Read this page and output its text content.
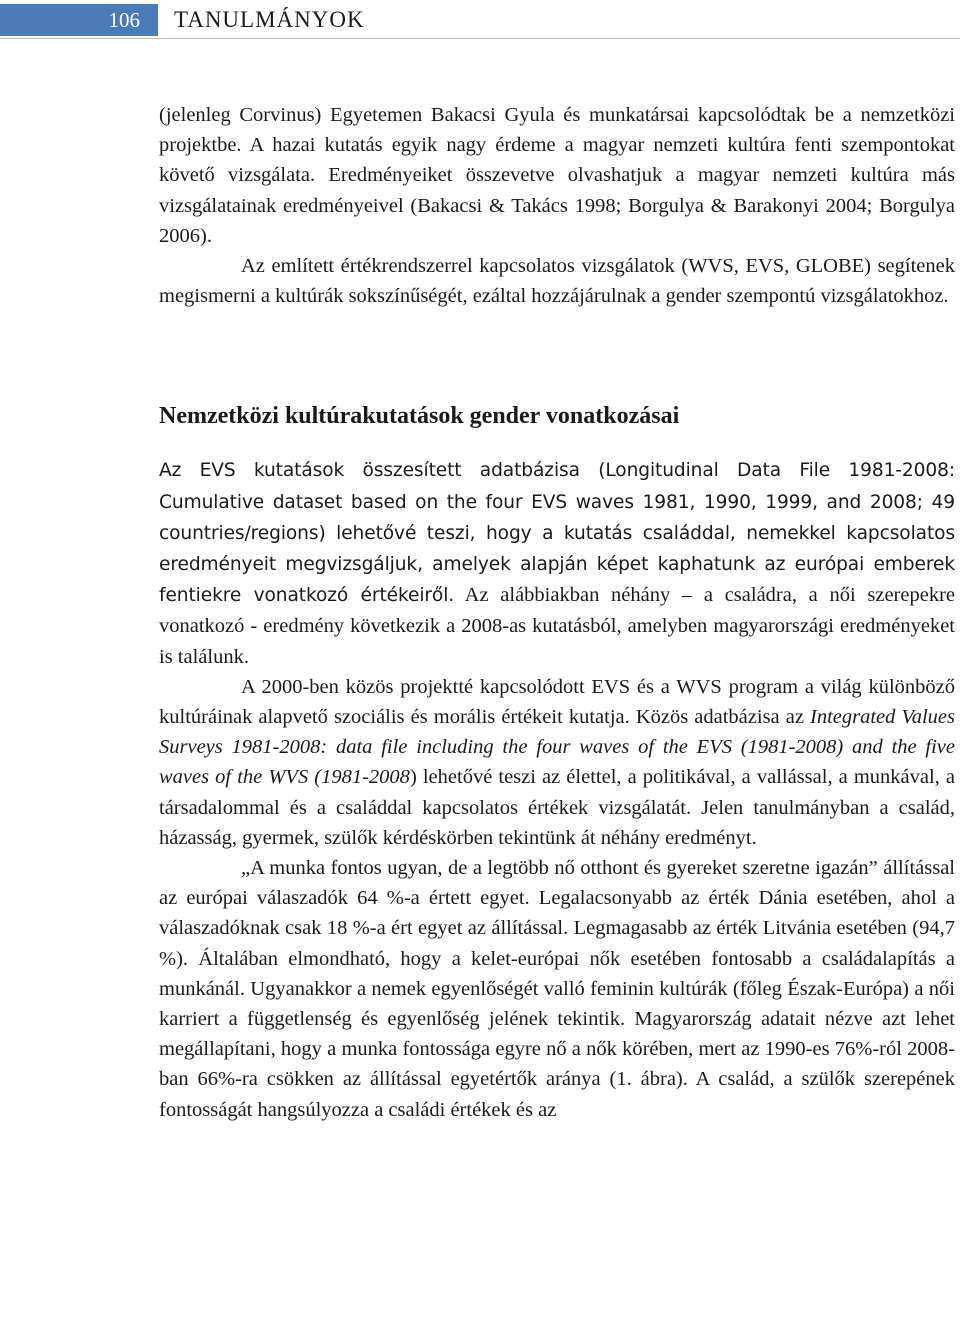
106	TANULMÁNYOK

(jelenleg Corvinus) Egyetemen Bakacsi Gyula és munkatársai kapcsolódtak be a nemzetközi projektbe. A hazai kutatás egyik nagy érdeme a magyar nemzeti kultúra fenti szempontokat követő vizsgálata. Eredményeiket összevetve olvashatjuk a magyar nemzeti kultúra más vizsgálatainak eredményeivel (Bakacsi & Takács 1998; Borgulya & Barakonyi 2004; Borgulya 2006).

Az említett értékrendszerrel kapcsolatos vizsgálatok (WVS, EVS, GLOBE) segítenek megismerni a kultúrák sokszínűségét, ezáltal hozzájárulnak a gender szempontú vizsgálatokhoz.

Nemzetközi kultúrakutatások gender vonatkozásai

Az EVS kutatások összesített adatbázisa (Longitudinal Data File 1981-2008: Cumulative dataset based on the four EVS waves 1981, 1990, 1999, and 2008; 49 countries/regions) lehetővé teszi, hogy a kutatás családdal, nemekkel kapcsolatos eredményeit megvizsgáljuk, amelyek alapján képet kaphatunk az európai emberek fentiekre vonatkozó értékeiről. Az alábbiakban néhány – a családra, a női szerepekre vonatkozó - eredmény következik a 2008-as kutatásból, amelyben magyarországi eredményeket is találunk.

A 2000-ben közös projektté kapcsolódott EVS és a WVS program a világ különböző kultúráinak alapvető szociális és morális értékeit kutatja. Közös adatbázisa az Integrated Values Surveys 1981-2008: data file including the four waves of the EVS (1981-2008) and the five waves of the WVS (1981-2008) lehetővé teszi az élettel, a politikával, a vallással, a munkával, a társadalommal és a családdal kapcsolatos értékek vizsgálatát. Jelen tanulmányban a család, házasság, gyermek, szülők kérdéskörben tekintünk át néhány eredményt.

„A munka fontos ugyan, de a legtöbb nő otthont és gyereket szeretne igazán” állítással az európai válaszadók 64 %-a értett egyet. Legalacsonyabb az érték Dánia esetében, ahol a válaszadóknak csak 18 %-a ért egyet az állítással. Legmagasabb az érték Litvánia esetében (94,7 %). Általában elmondható, hogy a kelet-európai nők esetében fontosabb a családalapítás a munkánál. Ugyanakkor a nemek egyenlőségét valló feminin kultúrák (főleg Észak-Európa) a női karriert a függetlenség és egyenlőség jelének tekintik. Magyarország adatait nézve azt lehet megállapítani, hogy a munka fontossága egyre nő a nők körében, mert az 1990-es 76%-ról 2008-ban 66%-ra csökken az állítással egyetértők aránya (1. ábra). A család, a szülők szerepének fontosságát hangsúlyozza a családi értékek és az
